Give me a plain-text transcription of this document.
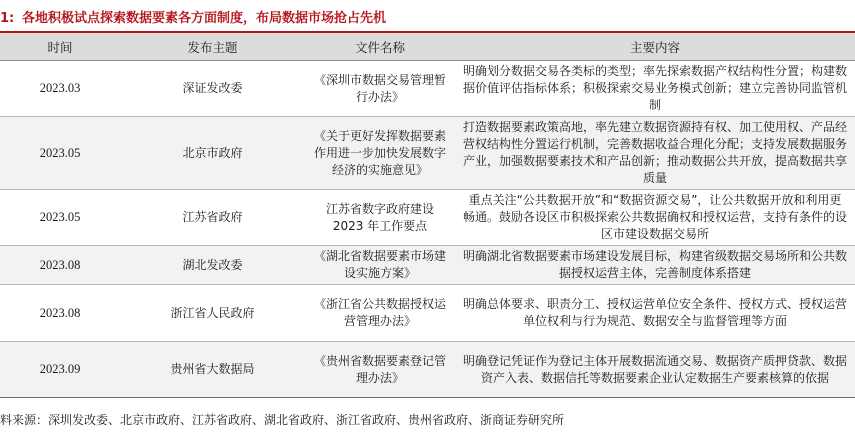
1: 各地积极试点探索数据要素各方面制度，布局数据市场抢占先机
时间	发布主题	文件名称	主要内容
2023.03	深证发改委	《深圳市数据交易管理暂行办法》	明确划分数据交易各类标的类型；率先探索数据产权结构性分置；构建数据价值评估指标体系；积极探索交易业务模式创新；建立完善协同监管机制
2023.05	北京市政府	《关于更好发挥数据要素作用进一步加快发展数字经济的实施意见》	打造数据要素政策高地，率先建立数据资源持有权、加工使用权、产品经营权结构性分置运行机制，完善数据收益合理化分配；支持发展数据服务产业，加强数据要素技术和产品创新；推动数据公共开放，提高数据共享质量
2023.05	江苏省政府	江苏省数字政府建设2023 年工作要点	重点关注“公共数据开放”和“数据资源交易”，让公共数据开放和利用更畅通。鼓励各设区市积极探索公共数据确权和授权运营，支持有条件的设区市建设数据交易所
2023.08	湖北发改委	《湖北省数据要素市场建设实施方案》	明确湖北省数据要素市场建设发展目标，构建省级数据交易场所和公共数据授权运营主体，完善制度体系搭建
2023.08	浙江省人民政府	《浙江省公共数据授权运营管理办法》	明确总体要求、职责分工、授权运营单位安全条件、授权方式、授权运营单位权利与行为规范、数据安全与监督管理等方面
2023.09	贵州省大数据局	《贵州省数据要素登记管理办法》	明确登记凭证作为登记主体开展数据流通交易、数据资产质押贷款、数据资产入表、数据信托等数据要素企业认定数据生产要素核算的依据
料来源：深圳发改委、北京市政府、江苏省政府、湖北省政府、浙江省政府、贵州省政府、浙商证券研究所
